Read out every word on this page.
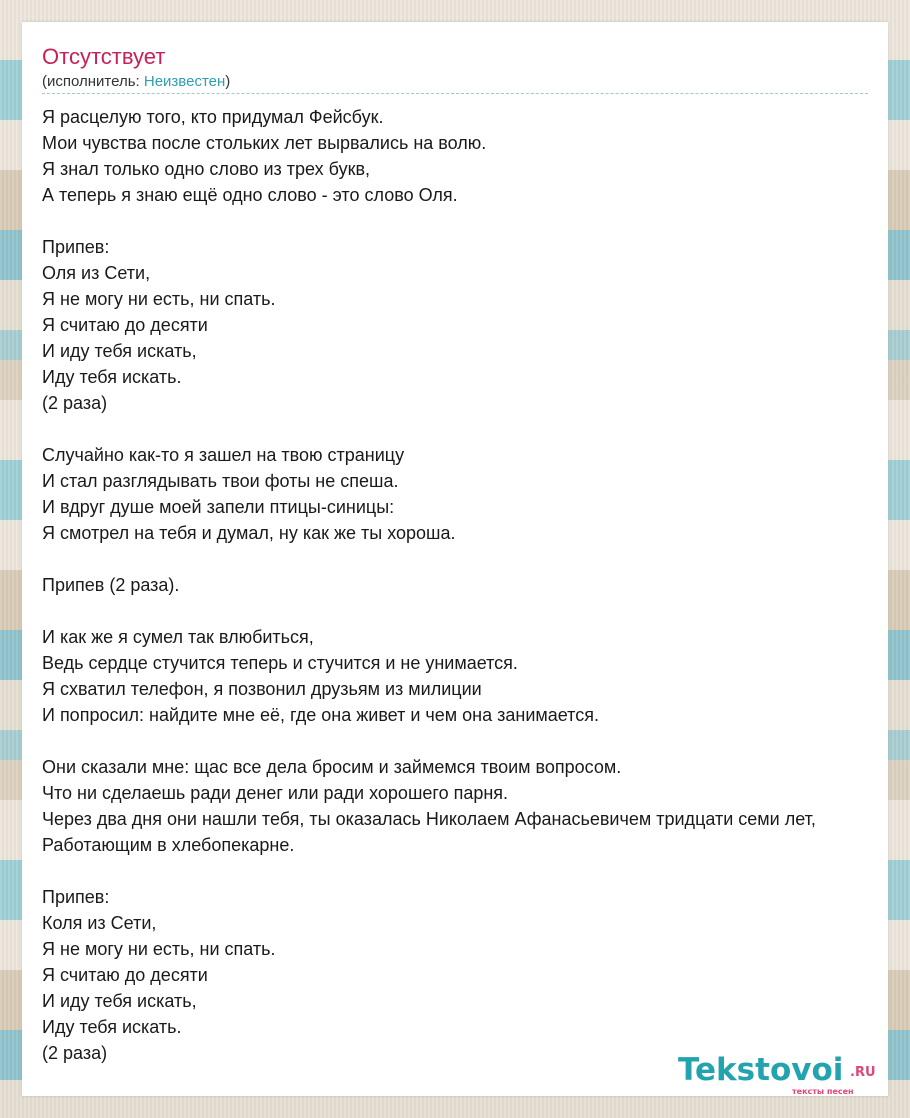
Отсутствует
(исполнитель: Неизвестен)
Я расцелую того, кто придумал Фейсбук.
Мои чувства после стольких лет вырвались на волю.
Я знал только одно слово из трех букв,
А теперь я знаю ещё одно слово - это слово Оля.
Припев:
Оля из Сети,
Я не могу ни есть, ни спать.
Я считаю до десяти
И иду тебя искать,
Иду тебя искать.
(2 раза)
Случайно как-то я зашел на твою страницу
И стал разглядывать твои фоты не спеша.
И вдруг душе моей запели птицы-синицы:
Я смотрел на тебя и думал, ну как же ты хороша.
Припев (2 раза).
И как же я сумел так влюбиться,
Ведь сердце стучится теперь и стучится и не унимается.
Я схватил телефон, я позвонил друзьям из милиции
И попросил: найдите мне её, где она живет и чем она занимается.
Они сказали мне: щас все дела бросим и займемся твоим вопросом.
Что ни сделаешь ради денег или ради хорошего парня.
Через два дня они нашли тебя, ты оказалась Николаем Афанасьевичем тридцати семи лет,
Работающим в хлебопекарне.
Припев:
Коля из Сети,
Я не могу ни есть, ни спать.
Я считаю до десяти
И иду тебя искать,
Иду тебя искать.
(2 раза)	Tekstovoi .RU
тексты песен
